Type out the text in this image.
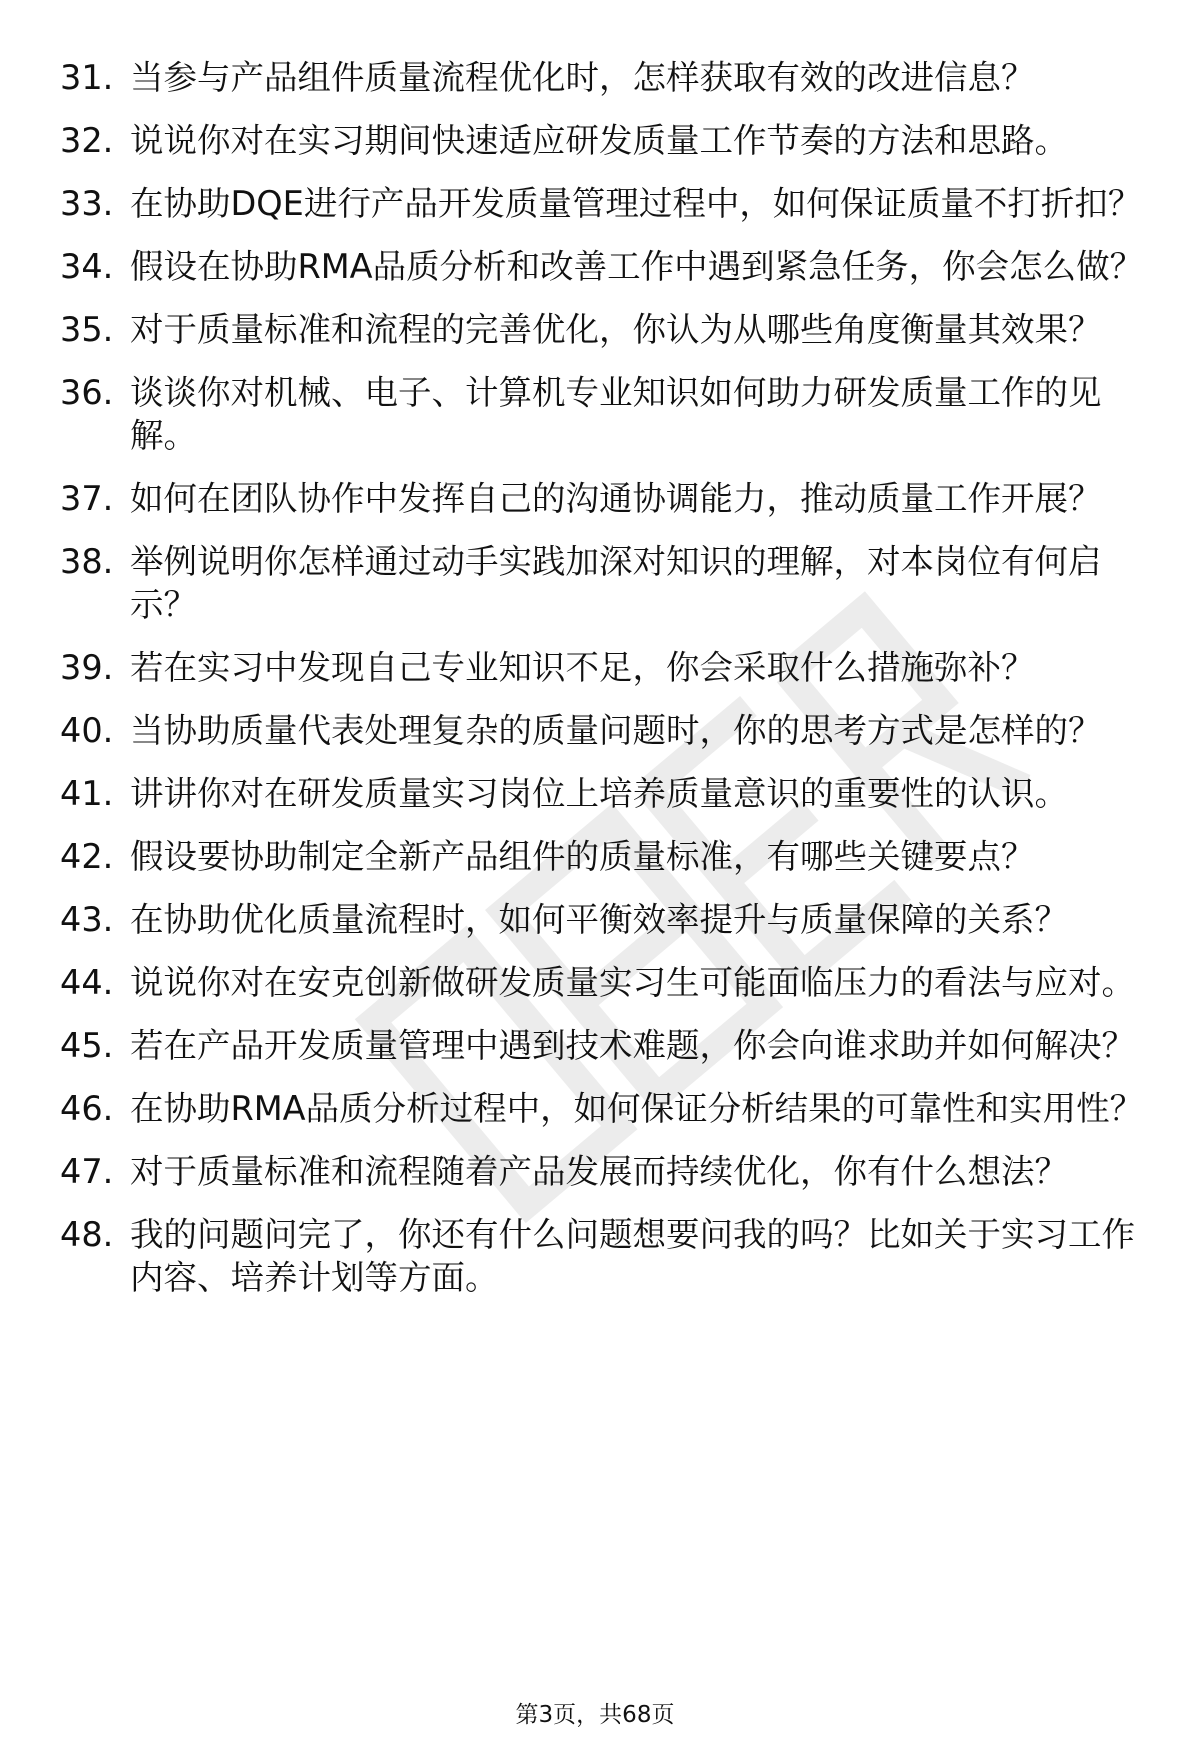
31. 当参与产品组件质量流程优化时，怎样获取有效的改进信息？
32. 说说你对在实习期间快速适应研发质量工作节奏的方法和思路。
33. 在协助DQE进行产品开发质量管理过程中，如何保证质量不打折扣？
34. 假设在协助RMA品质分析和改善工作中遇到紧急任务，你会怎么做？
35. 对于质量标准和流程的完善优化，你认为从哪些角度衡量其效果？
36. 谈谈你对机械、电子、计算机专业知识如何助力研发质量工作的见解。
37. 如何在团队协作中发挥自己的沟通协调能力，推动质量工作开展？
38. 举例说明你怎样通过动手实践加深对知识的理解，对本岗位有何启示？
39. 若在实习中发现自己专业知识不足，你会采取什么措施弥补？
40. 当协助质量代表处理复杂的质量问题时，你的思考方式是怎样的？
41. 讲讲你对在研发质量实习岗位上培养质量意识的重要性的认识。
42. 假设要协助制定全新产品组件的质量标准，有哪些关键要点？
43. 在协助优化质量流程时，如何平衡效率提升与质量保障的关系？
44. 说说你对在安克创新做研发质量实习生可能面临压力的看法与应对。
45. 若在产品开发质量管理中遇到技术难题，你会向谁求助并如何解决？
46. 在协助RMA品质分析过程中，如何保证分析结果的可靠性和实用性？
47. 对于质量标准和流程随着产品发展而持续优化，你有什么想法？
48. 我的问题问完了，你还有什么问题想要问我的吗？比如关于实习工作内容、培养计划等方面。
第3页，共68页
